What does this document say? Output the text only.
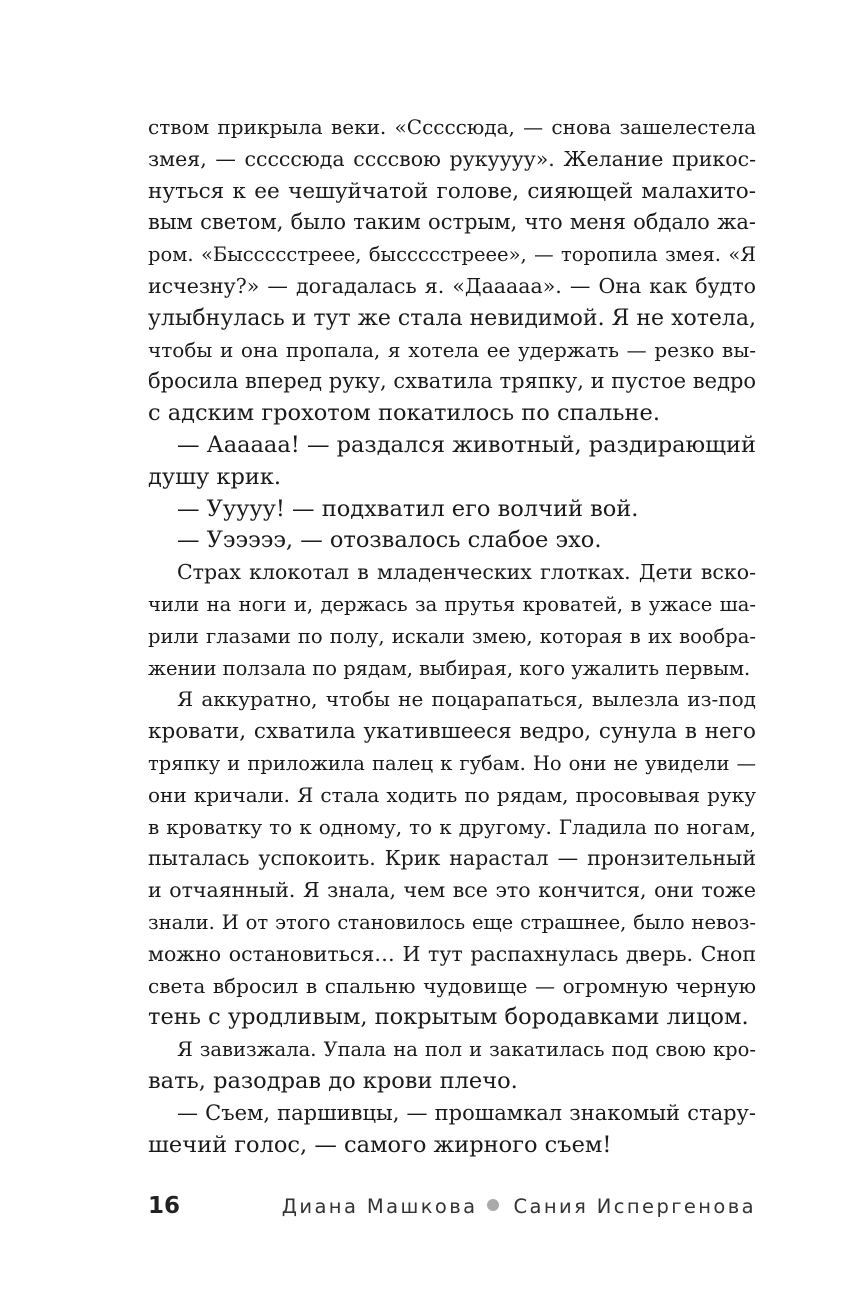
ством прикрыла веки. «Сссссюда, — снова зашелестела
змея, — сссссюда ссссвою рукуууу». Желание прикос-
нуться к ее чешуйчатой голове, сияющей малахито-
вым светом, было таким острым, что меня обдало жа-
ром. «Быссссстреее, быссссстреее», — торопила змея. «Я
исчезну?» — догадалась я. «Дааааа». — Она как будто
улыбнулась и тут же стала невидимой. Я не хотела,
чтобы и она пропала, я хотела ее удержать — резко вы-
бросила вперед руку, схватила тряпку, и пустое ведро
с адским грохотом покатилось по спальне.
— Аааааа! — раздался животный, раздирающий
душу крик.
— Ууууу! — подхватил его волчий вой.
— Уэээээ, — отозвалось слабое эхо.
Страх клокотал в младенческих глотках. Дети вско-
чили на ноги и, держась за прутья кроватей, в ужасе ша-
рили глазами по полу, искали змею, которая в их вообра-
жении ползала по рядам, выбирая, кого ужалить первым.
Я аккуратно, чтобы не поцарапаться, вылезла из-под
кровати, схватила укатившееся ведро, сунула в него
тряпку и приложила палец к губам. Но они не увидели —
они кричали. Я стала ходить по рядам, просовывая руку
в кроватку то к одному, то к другому. Гладила по ногам,
пыталась успокоить. Крик нарастал — пронзительный
и отчаянный. Я знала, чем все это кончится, они тоже
знали. И от этого становилось еще страшнее, было невоз-
можно остановиться… И тут распахнулась дверь. Сноп
света вбросил в спальню чудовище — огромную черную
тень с уродливым, покрытым бородавками лицом.
Я завизжала. Упала на пол и закатилась под свою кро-
вать, разодрав до крови плечо.
— Съем, паршивцы, — прошамкал знакомый стару-
шечий голос, — самого жирного съем!
16	Диана Машкова Сания Испергенова
